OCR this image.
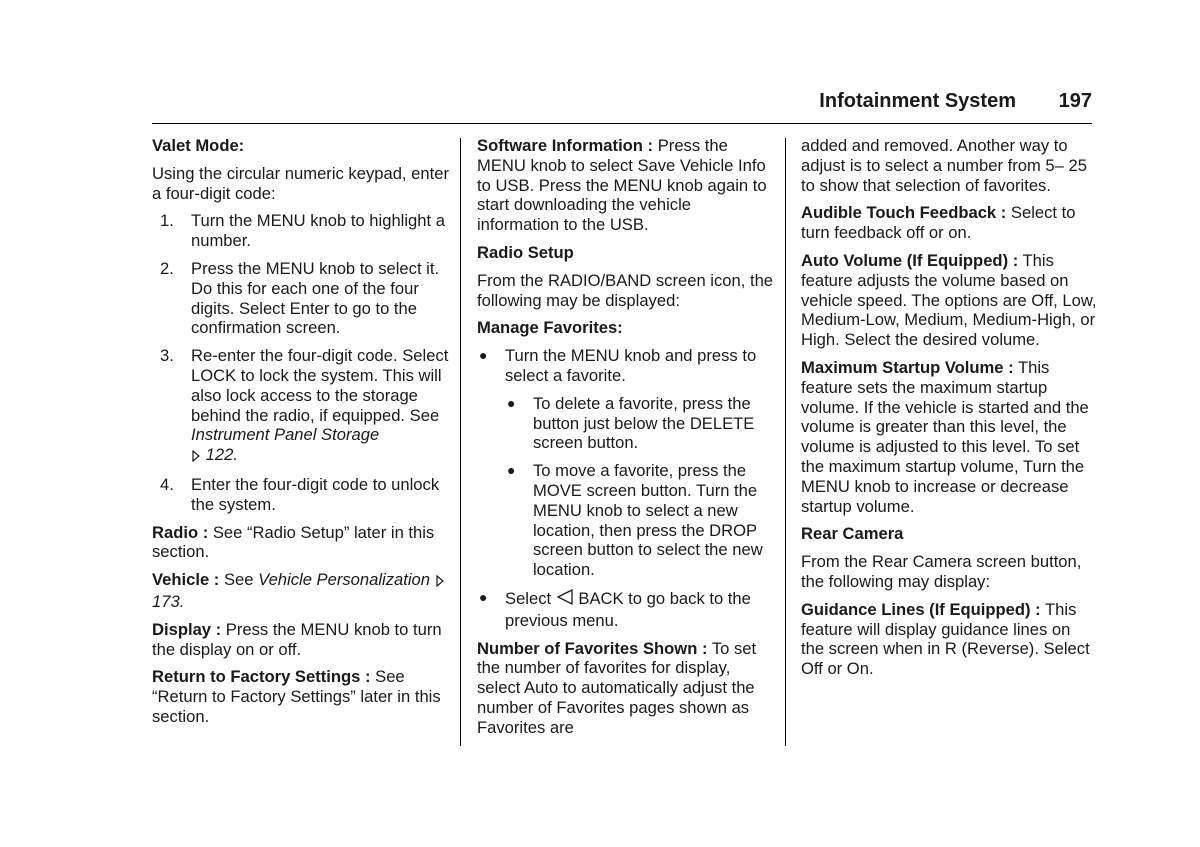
Infotainment System 197

Valet Mode:

Using the circular numeric keypad, enter a four-digit code:

1. Turn the MENU knob to highlight a number.
2. Press the MENU knob to select it. Do this for each one of the four digits. Select Enter to go to the confirmation screen.
3. Re-enter the four-digit code. Select LOCK to lock the system. This will also lock access to the storage behind the radio, if equipped. See Instrument Panel Storage
122.
4. Enter the four-digit code to unlock the system.

Radio : See “Radio Setup” later in this section.

Vehicle : See Vehicle Personalization 173.

Display : Press the MENU knob to turn the display on or off.

Return to Factory Settings : See “Return to Factory Settings” later in this section.

Software Information : Press the MENU knob to select Save Vehicle Info to USB. Press the MENU knob again to start downloading the vehicle information to the USB.

Radio Setup

From the RADIO/BAND screen icon, the following may be displayed:

Manage Favorites:

● Turn the MENU knob and press to select a favorite.
● To delete a favorite, press the button just below the DELETE screen button.
● To move a favorite, press the MOVE screen button. Turn the MENU knob to select a new location, then press the DROP screen button to select the new location.
● Select BACK to go back to the previous menu.

Number of Favorites Shown : To set the number of favorites for display, select Auto to automatically adjust the number of Favorites pages shown as Favorites are

added and removed. Another way to adjust is to select a number from 5– 25 to show that selection of favorites.

Audible Touch Feedback : Select to turn feedback off or on.

Auto Volume (If Equipped) : This feature adjusts the volume based on vehicle speed. The options are Off, Low, Medium-Low, Medium, Medium-High, or High. Select the desired volume.

Maximum Startup Volume : This feature sets the maximum startup volume. If the vehicle is started and the volume is greater than this level, the volume is adjusted to this level. To set the maximum startup volume, Turn the MENU knob to increase or decrease startup volume.

Rear Camera

From the Rear Camera screen button, the following may display:

Guidance Lines (If Equipped) : This feature will display guidance lines on the screen when in R (Reverse). Select Off or On.
